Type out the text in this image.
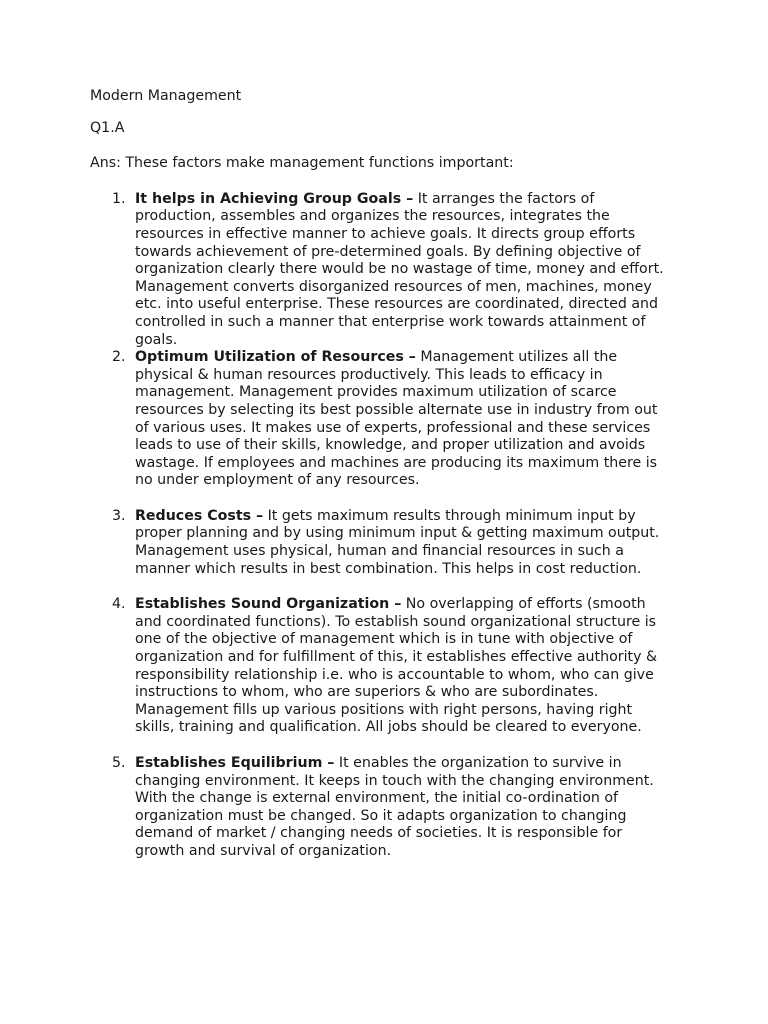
Modern Management

Q1.A

Ans: These factors make management functions important:

1. It helps in Achieving Group Goals – It arranges the factors of production, assembles and organizes the resources, integrates the resources in effective manner to achieve goals. It directs group efforts towards achievement of pre-determined goals. By defining objective of organization clearly there would be no wastage of time, money and effort. Management converts disorganized resources of men, machines, money etc. into useful enterprise. These resources are coordinated, directed and controlled in such a manner that enterprise work towards attainment of goals.
2. Optimum Utilization of Resources – Management utilizes all the physical & human resources productively. This leads to efficacy in management. Management provides maximum utilization of scarce resources by selecting its best possible alternate use in industry from out of various uses. It makes use of experts, professional and these services leads to use of their skills, knowledge, and proper utilization and avoids wastage. If employees and machines are producing its maximum there is no under employment of any resources.
3. Reduces Costs – It gets maximum results through minimum input by proper planning and by using minimum input & getting maximum output. Management uses physical, human and financial resources in such a manner which results in best combination. This helps in cost reduction.
4. Establishes Sound Organization – No overlapping of efforts (smooth and coordinated functions). To establish sound organizational structure is one of the objective of management which is in tune with objective of organization and for fulfillment of this, it establishes effective authority & responsibility relationship i.e. who is accountable to whom, who can give instructions to whom, who are superiors & who are subordinates. Management fills up various positions with right persons, having right skills, training and qualification. All jobs should be cleared to everyone.
5. Establishes Equilibrium – It enables the organization to survive in changing environment. It keeps in touch with the changing environment. With the change is external environment, the initial co-ordination of organization must be changed. So it adapts organization to changing demand of market / changing needs of societies. It is responsible for growth and survival of organization.
